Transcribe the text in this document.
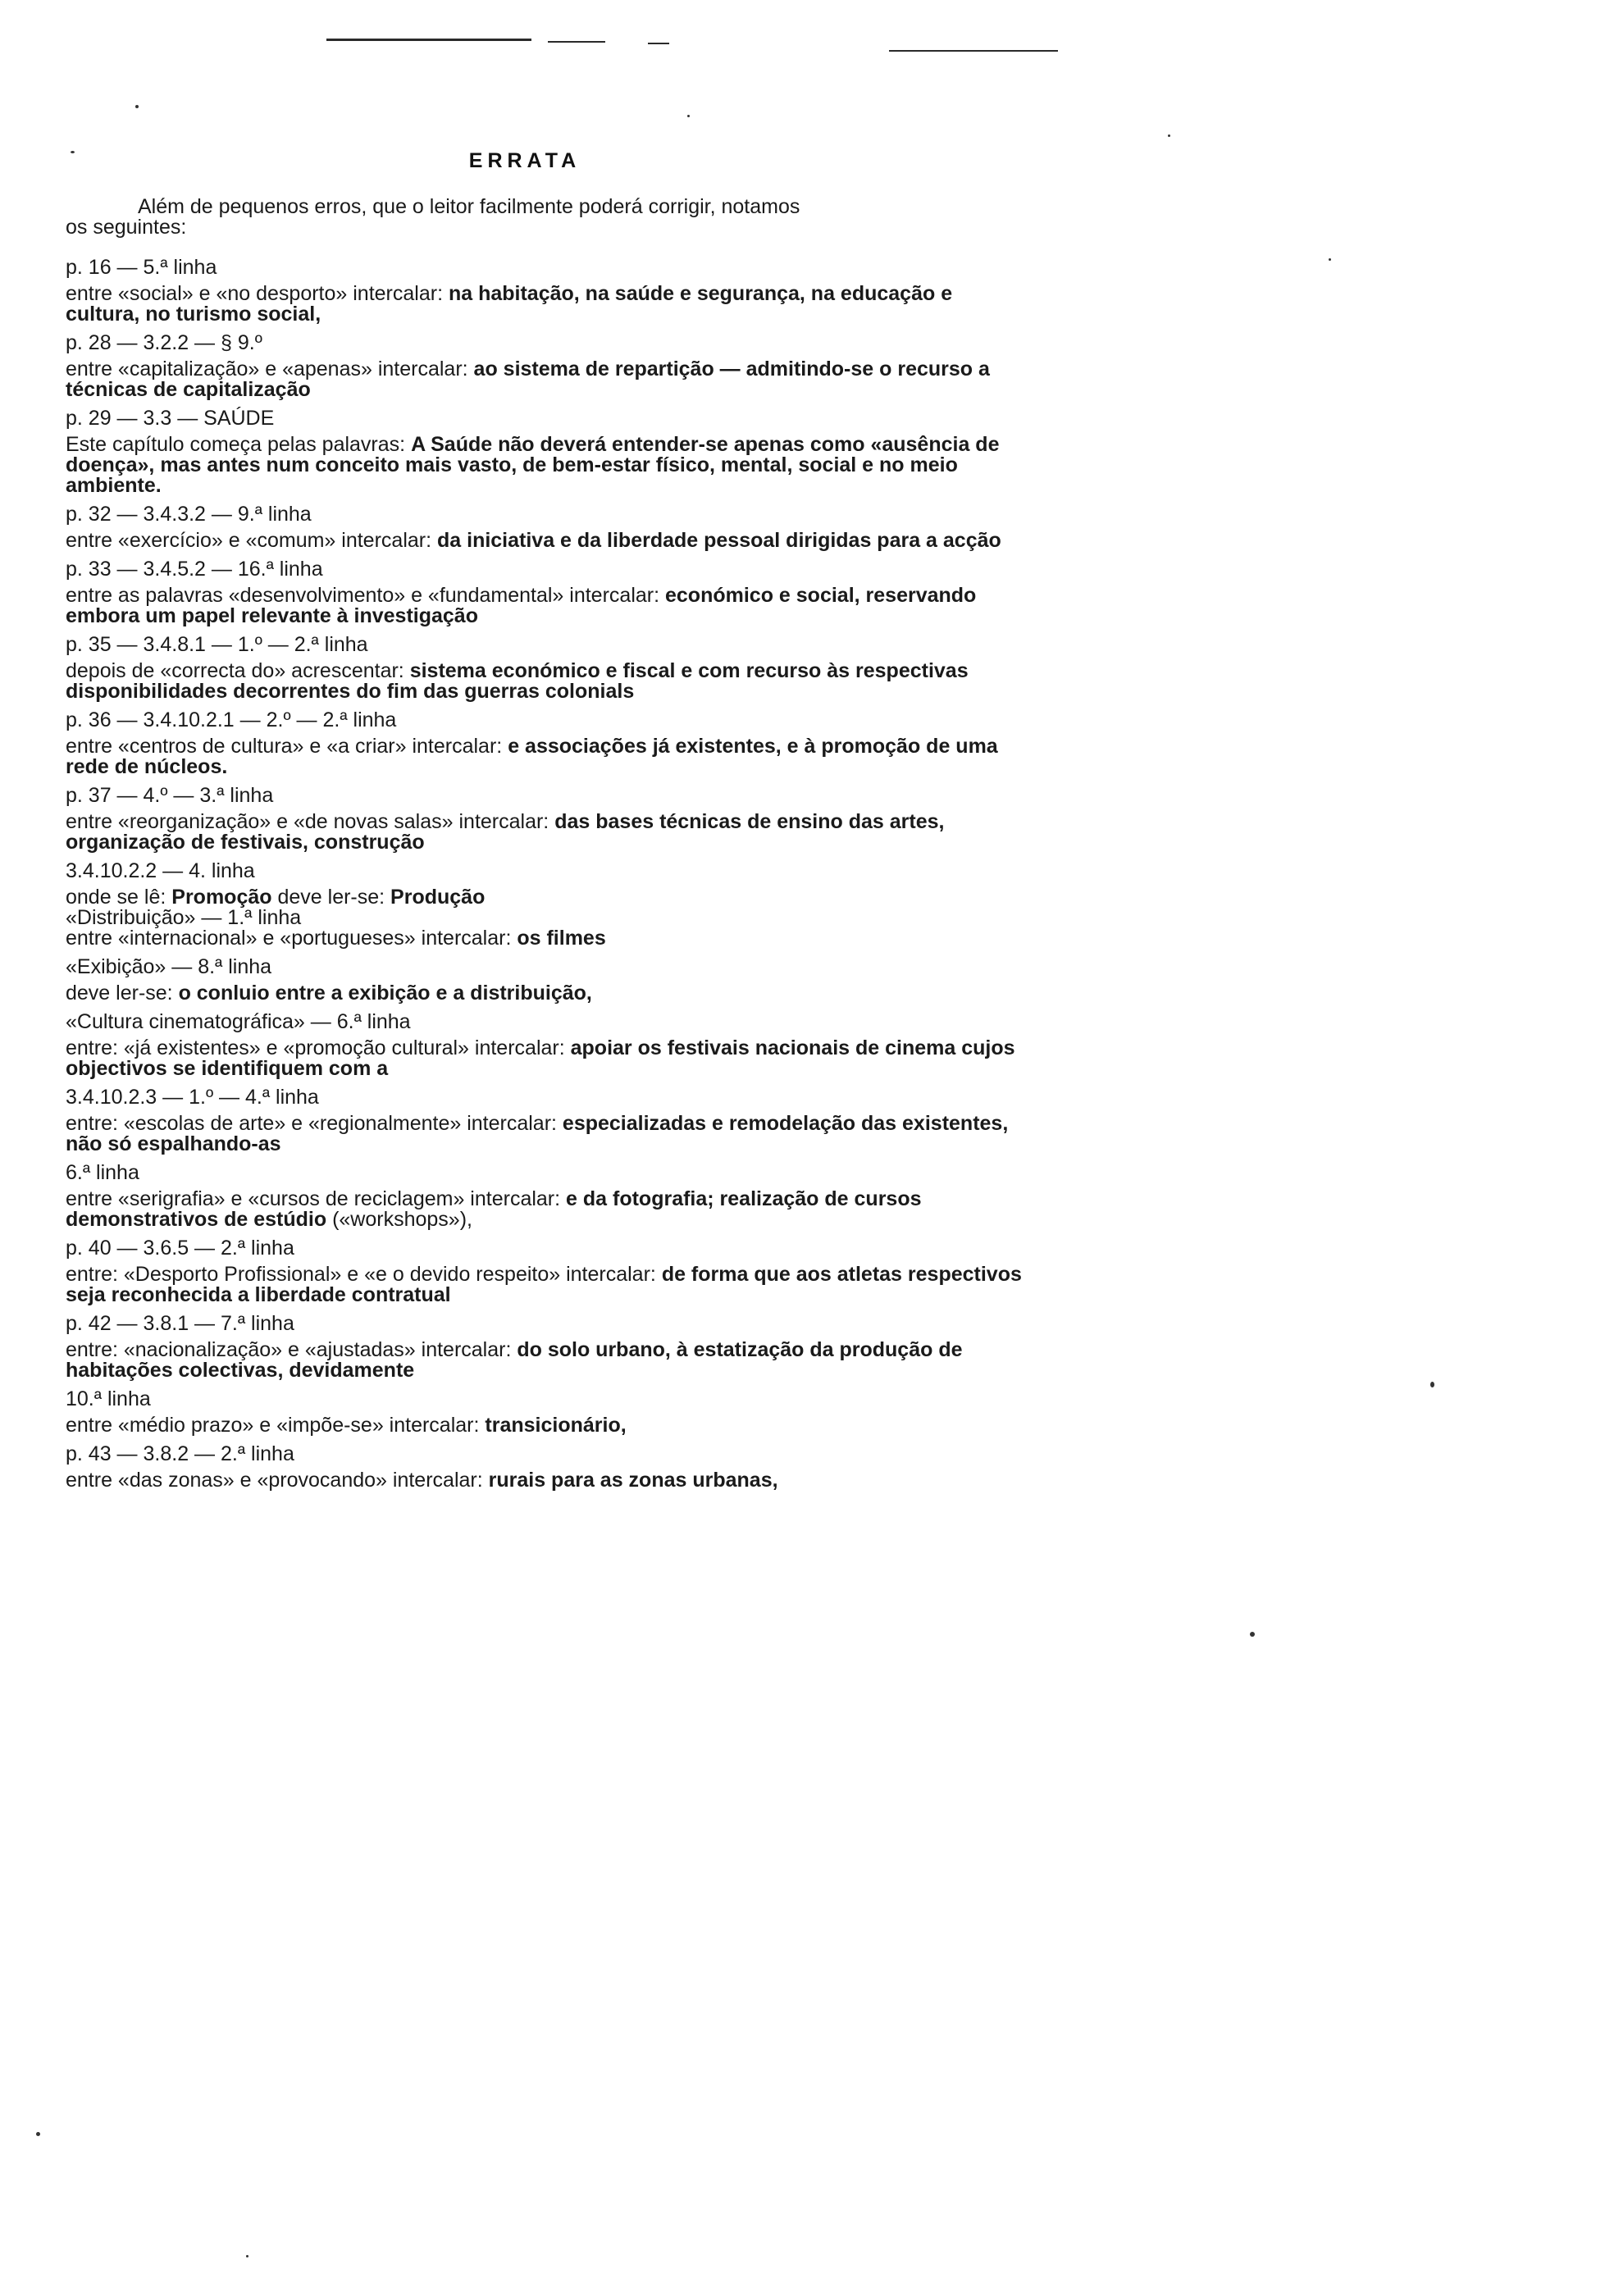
ERRATA
Além de pequenos erros, que o leitor facilmente poderá corrigir, notamos
os seguintes:
p. 16 — 5.ª linha
entre «social» e «no desporto» intercalar: na habitação, na saúde e segurança, na educação e cultura, no turismo social,
p. 28 — 3.2.2 — § 9.º
entre «capitalização» e «apenas» intercalar: ao sistema de repartição — admitindo-se o recurso a técnicas de capitalização
p. 29 — 3.3 — SAÚDE
Este capítulo começa pelas palavras: A Saúde não deverá entender-se apenas como «ausência de doença», mas antes num conceito mais vasto, de bem-estar físico, mental, social e no meio ambiente.
p. 32 — 3.4.3.2 — 9.ª linha
entre «exercício» e «comum» intercalar: da iniciativa e da liberdade pessoal dirigidas para a acção
p. 33 — 3.4.5.2 — 16.ª linha
entre as palavras «desenvolvimento» e «fundamental» intercalar: económico e social, reservando embora um papel relevante à investigação
p. 35 — 3.4.8.1 — 1.º — 2.ª linha
depois de «correcta do» acrescentar: sistema económico e fiscal e com recurso às respectivas disponibilidades decorrentes do fim das guerras colonials
p. 36 — 3.4.10.2.1 — 2.º — 2.ª linha
entre «centros de cultura» e «a criar» intercalar: e associações já existentes, e à promoção de uma rede de núcleos.
p. 37 — 4.º — 3.ª linha
entre «reorganização» e «de novas salas» intercalar: das bases técnicas de ensino das artes, organização de festivais, construção
3.4.10.2.2 — 4. linha
onde se lê: Promoção deve ler-se: Produção
«Distribuição» — 1.ª linha
entre «internacional» e «portugueses» intercalar: os filmes
«Exibição» — 8.ª linha
deve ler-se: o conluio entre a exibição e a distribuição,
«Cultura cinematográfica» — 6.ª linha
entre: «já existentes» e «promoção cultural» intercalar: apoiar os festivais nacionais de cinema cujos objectivos se identifiquem com a
3.4.10.2.3 — 1.º — 4.ª linha
entre: «escolas de arte» e «regionalmente» intercalar: especializadas e remodelação das existentes, não só espalhando-as
6.ª linha
entre «serigrafia» e «cursos de reciclagem» intercalar: e da fotografia; realização de cursos demonstrativos de estúdio («workshops»),
p. 40 — 3.6.5 — 2.ª linha
entre: «Desporto Profissional» e «e o devido respeito» intercalar: de forma que aos atletas respectivos seja reconhecida a liberdade contratual
p. 42 — 3.8.1 — 7.ª linha
entre: «nacionalização» e «ajustadas» intercalar: do solo urbano, à estatização da produção de habitações colectivas, devidamente
10.ª linha
entre «médio prazo» e «impõe-se» intercalar: transicionário,
p. 43 — 3.8.2 — 2.ª linha
entre «das zonas» e «provocando» intercalar: rurais para as zonas urbanas,
